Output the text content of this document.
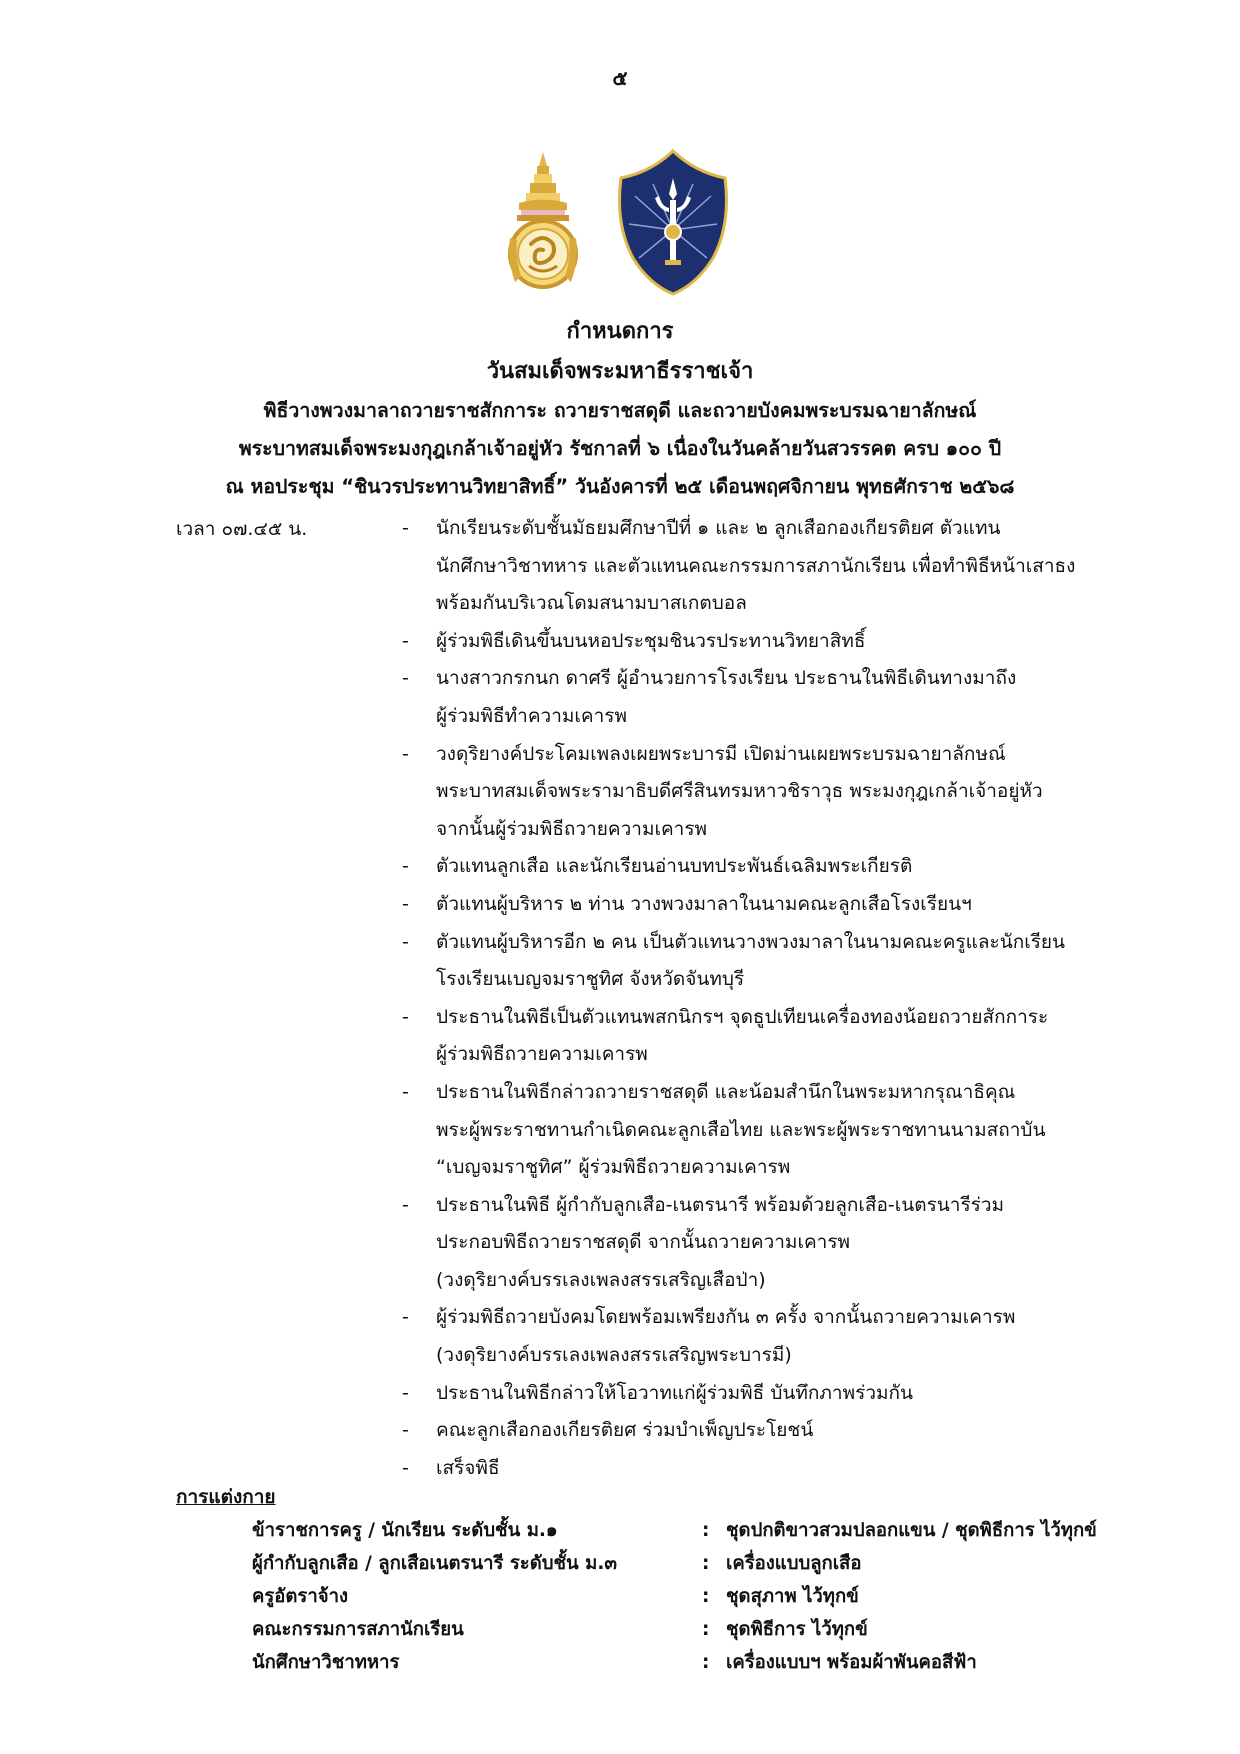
๕
กำหนดการ
วันสมเด็จพระมหาธีรราชเจ้า
พิธีวางพวงมาลาถวายราชสักการะ ถวายราชสดุดี และถวายบังคมพระบรมฉายาลักษณ์
พระบาทสมเด็จพระมงกุฎเกล้าเจ้าอยู่หัว รัชกาลที่ ๖ เนื่องในวันคล้ายวันสวรรคต ครบ ๑๐๐ ปี
ณ หอประชุม “ชินวรประทานวิทยาสิทธิ์” วันอังคารที่ ๒๕ เดือนพฤศจิกายน พุทธศักราช ๒๕๖๘
เวลา ๐๗.๔๕ น.	- นักเรียนระดับชั้นมัธยมศึกษาปีที่ ๑ และ ๒ ลูกเสือกองเกียรติยศ ตัวแทน
นักศึกษาวิชาทหาร และตัวแทนคณะกรรมการสภานักเรียน เพื่อทำพิธีหน้าเสาธง
พร้อมกันบริเวณโดมสนามบาสเกตบอล
- ผู้ร่วมพิธีเดินขึ้นบนหอประชุมชินวรประทานวิทยาสิทธิ์
- นางสาวกรกนก ดาศรี ผู้อำนวยการโรงเรียน ประธานในพิธีเดินทางมาถึง
ผู้ร่วมพิธีทำความเคารพ
- วงดุริยางค์ประโคมเพลงเผยพระบารมี เปิดม่านเผยพระบรมฉายาลักษณ์
พระบาทสมเด็จพระรามาธิบดีศรีสินทรมหาวชิราวุธ พระมงกุฎเกล้าเจ้าอยู่หัว
จากนั้นผู้ร่วมพิธีถวายความเคารพ
- ตัวแทนลูกเสือ และนักเรียนอ่านบทประพันธ์เฉลิมพระเกียรติ
- ตัวแทนผู้บริหาร ๒ ท่าน วางพวงมาลาในนามคณะลูกเสือโรงเรียนฯ
- ตัวแทนผู้บริหารอีก ๒ คน เป็นตัวแทนวางพวงมาลาในนามคณะครูและนักเรียน
โรงเรียนเบญจมราชูทิศ จังหวัดจันทบุรี
- ประธานในพิธีเป็นตัวแทนพสกนิกรฯ จุดธูปเทียนเครื่องทองน้อยถวายสักการะ
ผู้ร่วมพิธีถวายความเคารพ
- ประธานในพิธีกล่าวถวายราชสดุดี และน้อมสำนึกในพระมหากรุณาธิคุณ
พระผู้พระราชทานกำเนิดคณะลูกเสือไทย และพระผู้พระราชทานนามสถาบัน
“เบญจมราชูทิศ” ผู้ร่วมพิธีถวายความเคารพ
- ประธานในพิธี ผู้กำกับลูกเสือ-เนตรนารี พร้อมด้วยลูกเสือ-เนตรนารีร่วม
ประกอบพิธีถวายราชสดุดี จากนั้นถวายความเคารพ
(วงดุริยางค์บรรเลงเพลงสรรเสริญเสือป่า)
- ผู้ร่วมพิธีถวายบังคมโดยพร้อมเพรียงกัน ๓ ครั้ง จากนั้นถวายความเคารพ
(วงดุริยางค์บรรเลงเพลงสรรเสริญพระบารมี)
- ประธานในพิธีกล่าวให้โอวาทแก่ผู้ร่วมพิธี บันทึกภาพร่วมกัน
- คณะลูกเสือกองเกียรติยศ ร่วมบำเพ็ญประโยชน์
- เสร็จพิธี
การแต่งกาย
ข้าราชการครู / นักเรียน ระดับชั้น ม.๑	:	ชุดปกติขาวสวมปลอกแขน / ชุดพิธีการ ไว้ทุกข์
ผู้กำกับลูกเสือ / ลูกเสือเนตรนารี ระดับชั้น ม.๓	:	เครื่องแบบลูกเสือ
ครูอัตราจ้าง	:	ชุดสุภาพ ไว้ทุกข์
คณะกรรมการสภานักเรียน	:	ชุดพิธีการ ไว้ทุกข์
นักศึกษาวิชาทหาร	:	เครื่องแบบฯ พร้อมผ้าพันคอสีฟ้า
